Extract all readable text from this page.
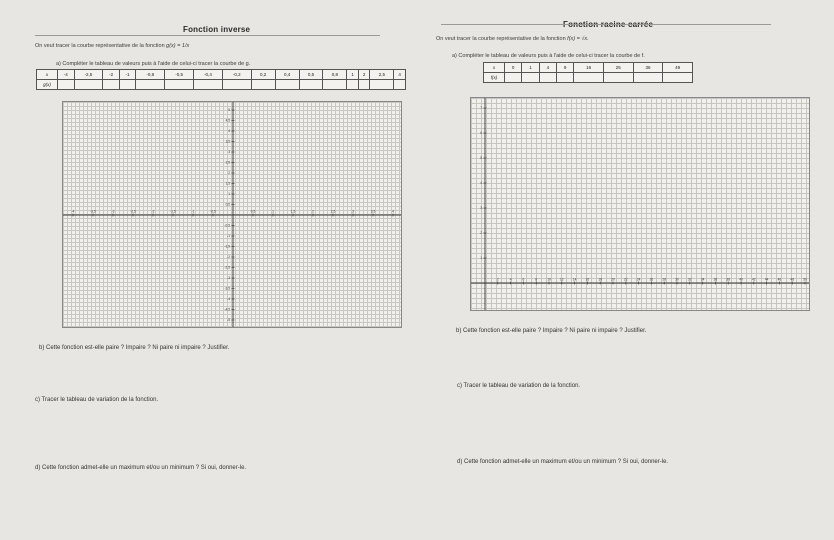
Fonction inverse
On veut tracer la courbe représentative de la fonction g(x) = 1/x
a) Compléter le tableau de valeurs puis à l'aide de celui-ci tracer la courbe de g.
x	-4	-2,5	-2	-1	-0,8	-0,5	-0,4	-0,2	0,2	0,4	0,5	0,8	1	2	2,5	4
g(x)																
-4	-3,5	-3	-2,5	-2	-1,5	-1	-0,5	0,5	1	1,5	2	2,5	3	3,5	4
5
4,5
4
3,5
3
2,5
2
1,5
1
0,5
-0,5
-1
-1,5
-2
-2,5
-3
-3,5
-4
-4,5
-5
b) Cette fonction est-elle paire ? Impaire ? Ni paire ni impaire ? Justifier.
c) Tracer le tableau de variation de la fonction.
d) Cette fonction admet-elle un maximum et/ou un minimum ? Si oui, donner-le.
On veut tracer la courbe représentative de la fonction f(x) = √x.
a) Compléter le tableau de valeurs puis à l'aide de celui-ci tracer la courbe de f.
x	0	1	4	9	16	25	36	49
f(x)								
2	4	6	8	10	12	14	16	18	20	22	24	26	28	30	32	34	36	38	40	42	44	46	48	50
7
6
5
4
3
2
1
b) Cette fonction est-elle paire ? Impaire ? Ni paire ni impaire ? Justifier.
c) Tracer le tableau de variation de la fonction.
d) Cette fonction admet-elle un maximum et/ou un minimum ? Si oui, donner-le.
